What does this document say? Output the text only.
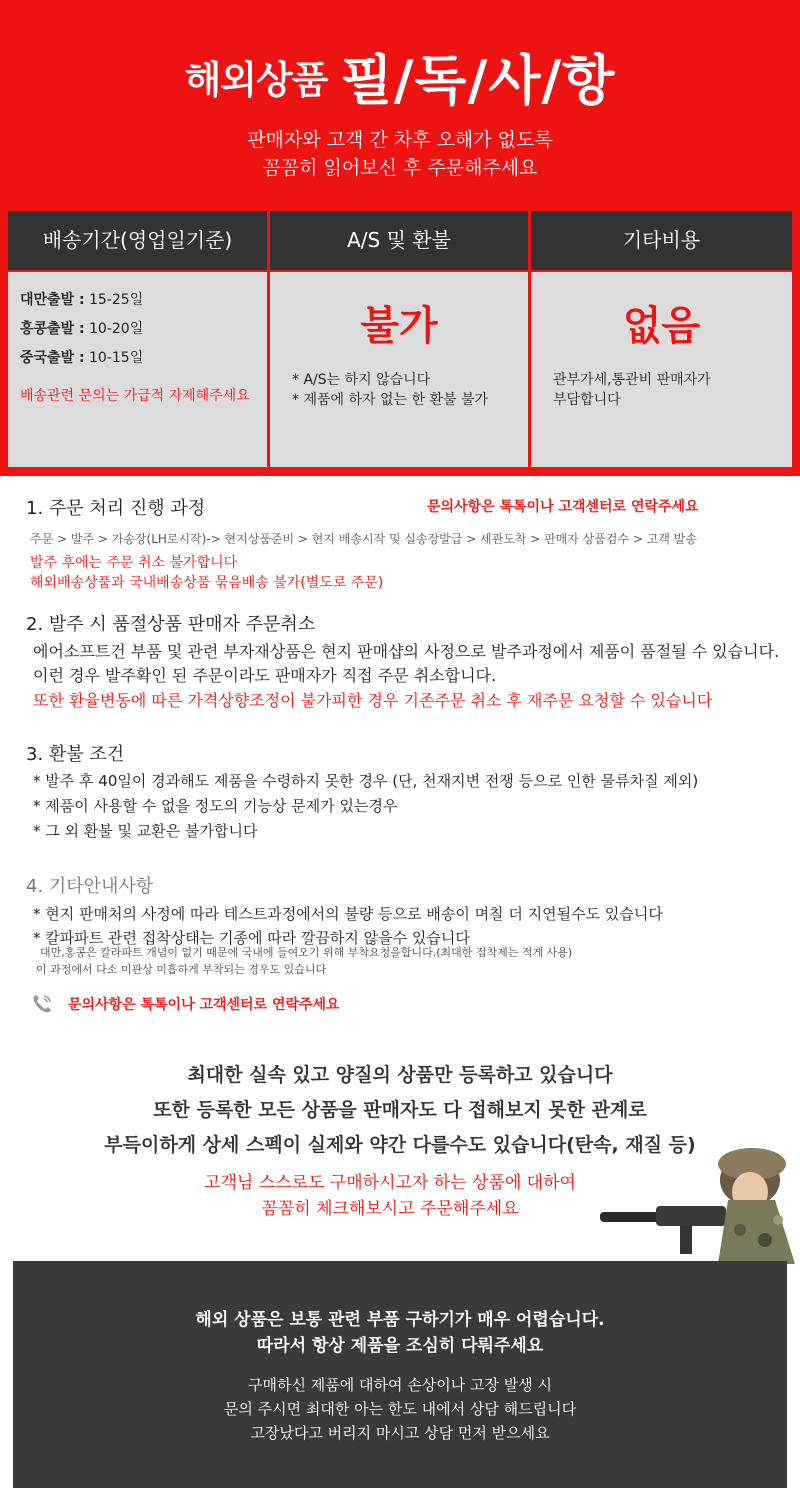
해외상품 필/독/사/항
판매자와 고객 간 차후 오해가 없도록
꼼꼼히 읽어보신 후 주문해주세요
배송기간(영업일기준)
대만출발 : 15-25일
홍콩출발 : 10-20일
중국출발 : 10-15일
배송관련 문의는 가급적 자제해주세요
A/S 및 환불
불가
* A/S는 하지 않습니다
* 제품에 하자 없는 한 환불 불가
기타비용
없음
관부가세,통관비 판매자가
부담합니다
1. 주문 처리 진행 과정	문의사항은 톡톡이나 고객센터로 연락주세요
주문 > 발주 > 가송장(LH로시작)-> 현지상품준비 > 현지 배송시작 및 실송장발급 > 세관도착 > 판매자 상품검수 > 고객 발송
발주 후에는 주문 취소 불가합니다
해외배송상품과 국내배송상품 묶음배송 불가(별도로 주문)
2. 발주 시 품절상품 판매자 주문취소
에어소프트건 부품 및 관련 부자재상품은 현지 판매샵의 사정으로 발주과정에서 제품이 품절될 수 있습니다.
이런 경우 발주확인 된 주문이라도 판매자가 직접 주문 취소합니다.
또한 환율변동에 따른 가격상향조정이 불가피한 경우 기존주문 취소 후 재주문 요청할 수 있습니다
3. 환불 조건
* 발주 후 40일이 경과해도 제품을 수령하지 못한 경우 (단, 천재지변 전쟁 등으로 인한 물류차질 제외)
* 제품이 사용할 수 없을 정도의 기능상 문제가 있는경우
* 그 외 환불 및 교환은 불가합니다
4. 기타안내사항
* 현지 판매처의 사정에 따라 테스트과정에서의 불량 등으로 배송이 며칠 더 지연될수도 있습니다
* 칼파파트 관련 접착상태는 기종에 따라 깔끔하지 않을수 있습니다
대만,홍콩은 칼라파트 개념이 없기 때문에 국내에 들여오기 위해 부착요청을합니다.(최대한 접착제는 적게 사용)
이 과정에서 다소 미관상 미흡하게 부착되는 경우도 있습니다
문의사항은 톡톡이나 고객센터로 연락주세요
최대한 실속 있고 양질의 상품만 등록하고 있습니다
또한 등록한 모든 상품을 판매자도 다 접해보지 못한 관계로
부득이하게 상세 스펙이 실제와 약간 다를수도 있습니다(탄속, 재질 등)
고객님 스스로도 구매하시고자 하는 상품에 대하여
꼼꼼히 체크해보시고 주문해주세요
해외 상품은 보통 관련 부품 구하기가 매우 어렵습니다.
따라서 항상 제품을 조심히 다뤄주세요
구매하신 제품에 대하여 손상이나 고장 발생 시
문의 주시면 최대한 아는 한도 내에서 상담 해드립니다
고장났다고 버리지 마시고 상담 먼저 받으세요
